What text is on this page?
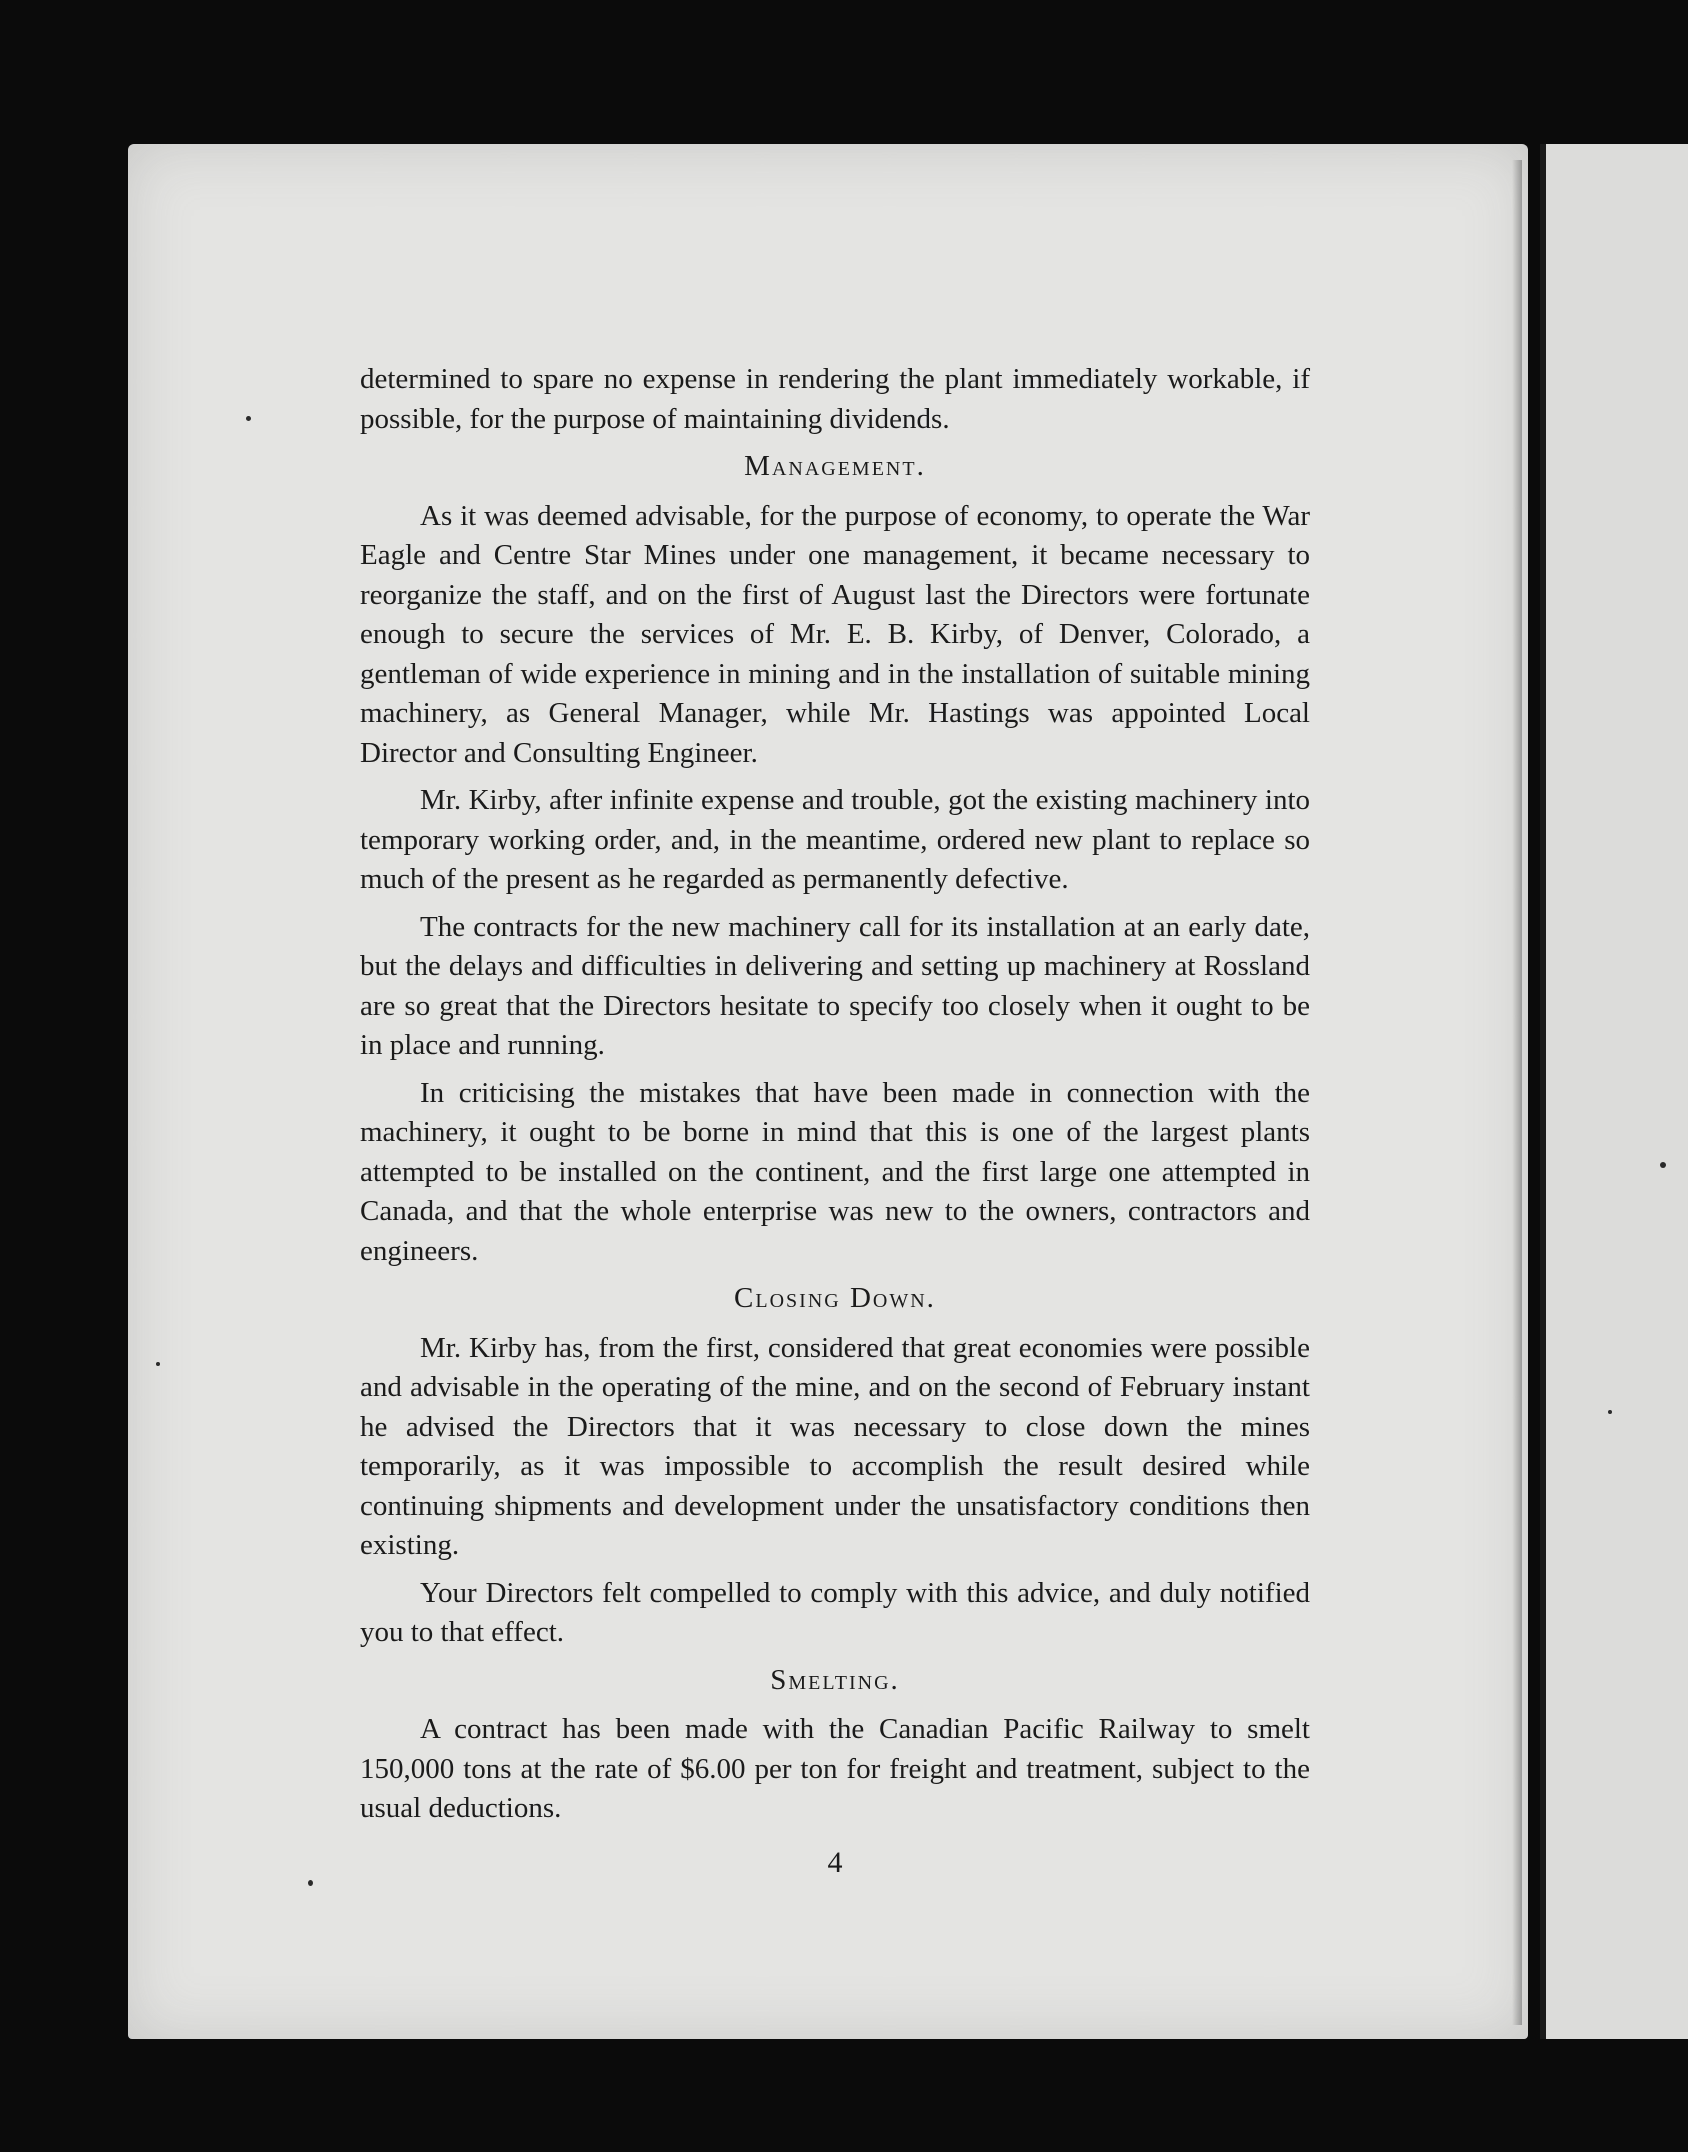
determined to spare no expense in rendering the plant immediately workable, if possible, for the purpose of maintaining dividends.

Management.

As it was deemed advisable, for the purpose of economy, to operate the War Eagle and Centre Star Mines under one management, it became necessary to reorganize the staff, and on the first of August last the Directors were fortunate enough to secure the services of Mr. E. B. Kirby, of Denver, Colorado, a gentleman of wide experience in mining and in the installation of suitable mining machinery, as General Manager, while Mr. Hastings was appointed Local Director and Consulting Engineer.

Mr. Kirby, after infinite expense and trouble, got the existing machinery into temporary working order, and, in the meantime, ordered new plant to replace so much of the present as he regarded as permanently defective.

The contracts for the new machinery call for its installation at an early date, but the delays and difficulties in delivering and setting up machinery at Rossland are so great that the Directors hesitate to specify too closely when it ought to be in place and running.

In criticising the mistakes that have been made in connection with the machinery, it ought to be borne in mind that this is one of the largest plants attempted to be installed on the continent, and the first large one attempted in Canada, and that the whole enterprise was new to the owners, contractors and engineers.

Closing Down.

Mr. Kirby has, from the first, considered that great economies were possible and advisable in the operating of the mine, and on the second of February instant he advised the Directors that it was necessary to close down the mines temporarily, as it was impossible to accomplish the result desired while continuing shipments and development under the unsatisfactory conditions then existing.

Your Directors felt compelled to comply with this advice, and duly notified you to that effect.

Smelting.

A contract has been made with the Canadian Pacific Railway to smelt 150,000 tons at the rate of $6.00 per ton for freight and treatment, subject to the usual deductions.

4
